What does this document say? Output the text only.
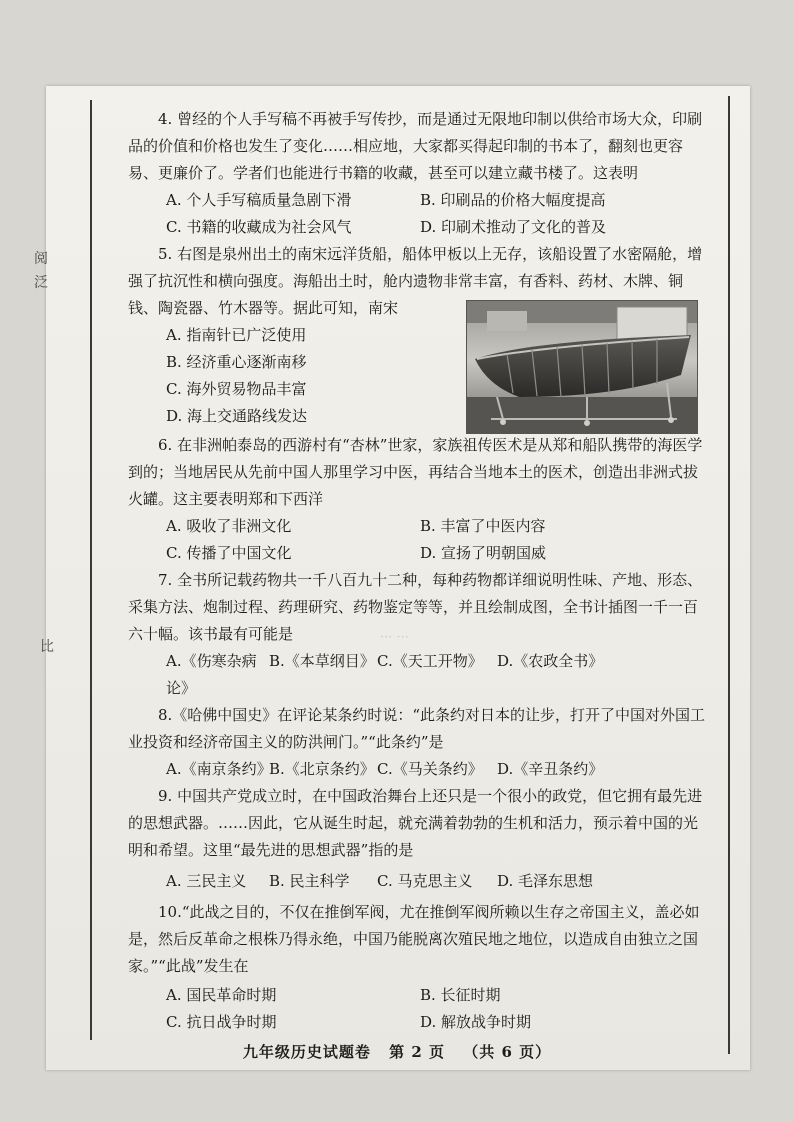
阅
泛
比

4. 曾经的个人手写稿不再被手写传抄，而是通过无限地印制以供给市场大众，印刷品的价值和价格也发生了变化……相应地，大家都买得起印制的书本了，翻刻也更容易、更廉价了。学者们也能进行书籍的收藏，甚至可以建立藏书楼了。这表明

A. 个人手写稿质量急剧下滑	B. 印刷品的价格大幅度提高
C. 书籍的收藏成为社会风气	D. 印刷术推动了文化的普及

5. 右图是泉州出土的南宋远洋货船，船体甲板以上无存，该船设置了水密隔舱，增强了抗沉性和横向强度。海船出土时，舱内遗物非常丰富，有香料、药材、木牌、铜钱、陶瓷器、竹木器等。据此可知，南宋

A. 指南针已广泛使用
B. 经济重心逐渐南移
C. 海外贸易物品丰富
D. 海上交通路线发达

6. 在非洲帕泰岛的西游村有“杏林”世家，家族祖传医术是从郑和船队携带的海医学到的；当地居民从先前中国人那里学习中医，再结合当地本土的医术，创造出非洲式拔火罐。这主要表明郑和下西洋

A. 吸收了非洲文化	B. 丰富了中医内容
C. 传播了中国文化	D. 宣扬了明朝国威

7. 全书所记载药物共一千八百九十二种，每种药物都详细说明性味、产地、形态、采集方法、炮制过程、药理研究、药物鉴定等等，并且绘制成图，全书计插图一千一百六十幅。该书最有可能是

A.《伤寒杂病论》
B.《本草纲目》 C.《天工开物》 D.《农政全书》

8.《哈佛中国史》在评论某条约时说：“此条约对日本的让步，打开了中国对外国工业投资和经济帝国主义的防洪闸门。”“此条约”是

A.《南京条约》
B.《北京条约》 C.《马关条约》 D.《辛丑条约》

9. 中国共产党成立时，在中国政治舞台上还只是一个很小的政党，但它拥有最先进的思想武器。……因此，它从诞生时起，就充满着勃勃的生机和活力，预示着中国的光明和希望。这里“最先进的思想武器”指的是

A. 三民主义	B. 民主科学	C. 马克思主义	D. 毛泽东思想

10.“此战之目的，不仅在推倒军阀，尤在推倒军阀所赖以生存之帝国主义，盖必如是，然后反革命之根株乃得永绝，中国乃能脱离次殖民地之地位，以造成自由独立之国家。”“此战”发生在

A. 国民革命时期	B. 长征时期
C. 抗日战争时期	D. 解放战争时期
··· ···
九年级历史试题卷 第 2 页 （共 6 页）
